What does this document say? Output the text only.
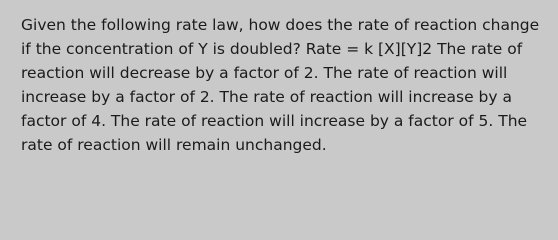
Given the following rate law, how does the rate of reaction change if the concentration of Y is doubled? Rate = k [X][Y]2 The rate of reaction will decrease by a factor of 2. The rate of reaction will increase by a factor of 2. The rate of reaction will increase by a factor of 4. The rate of reaction will increase by a factor of 5. The rate of reaction will remain unchanged.
